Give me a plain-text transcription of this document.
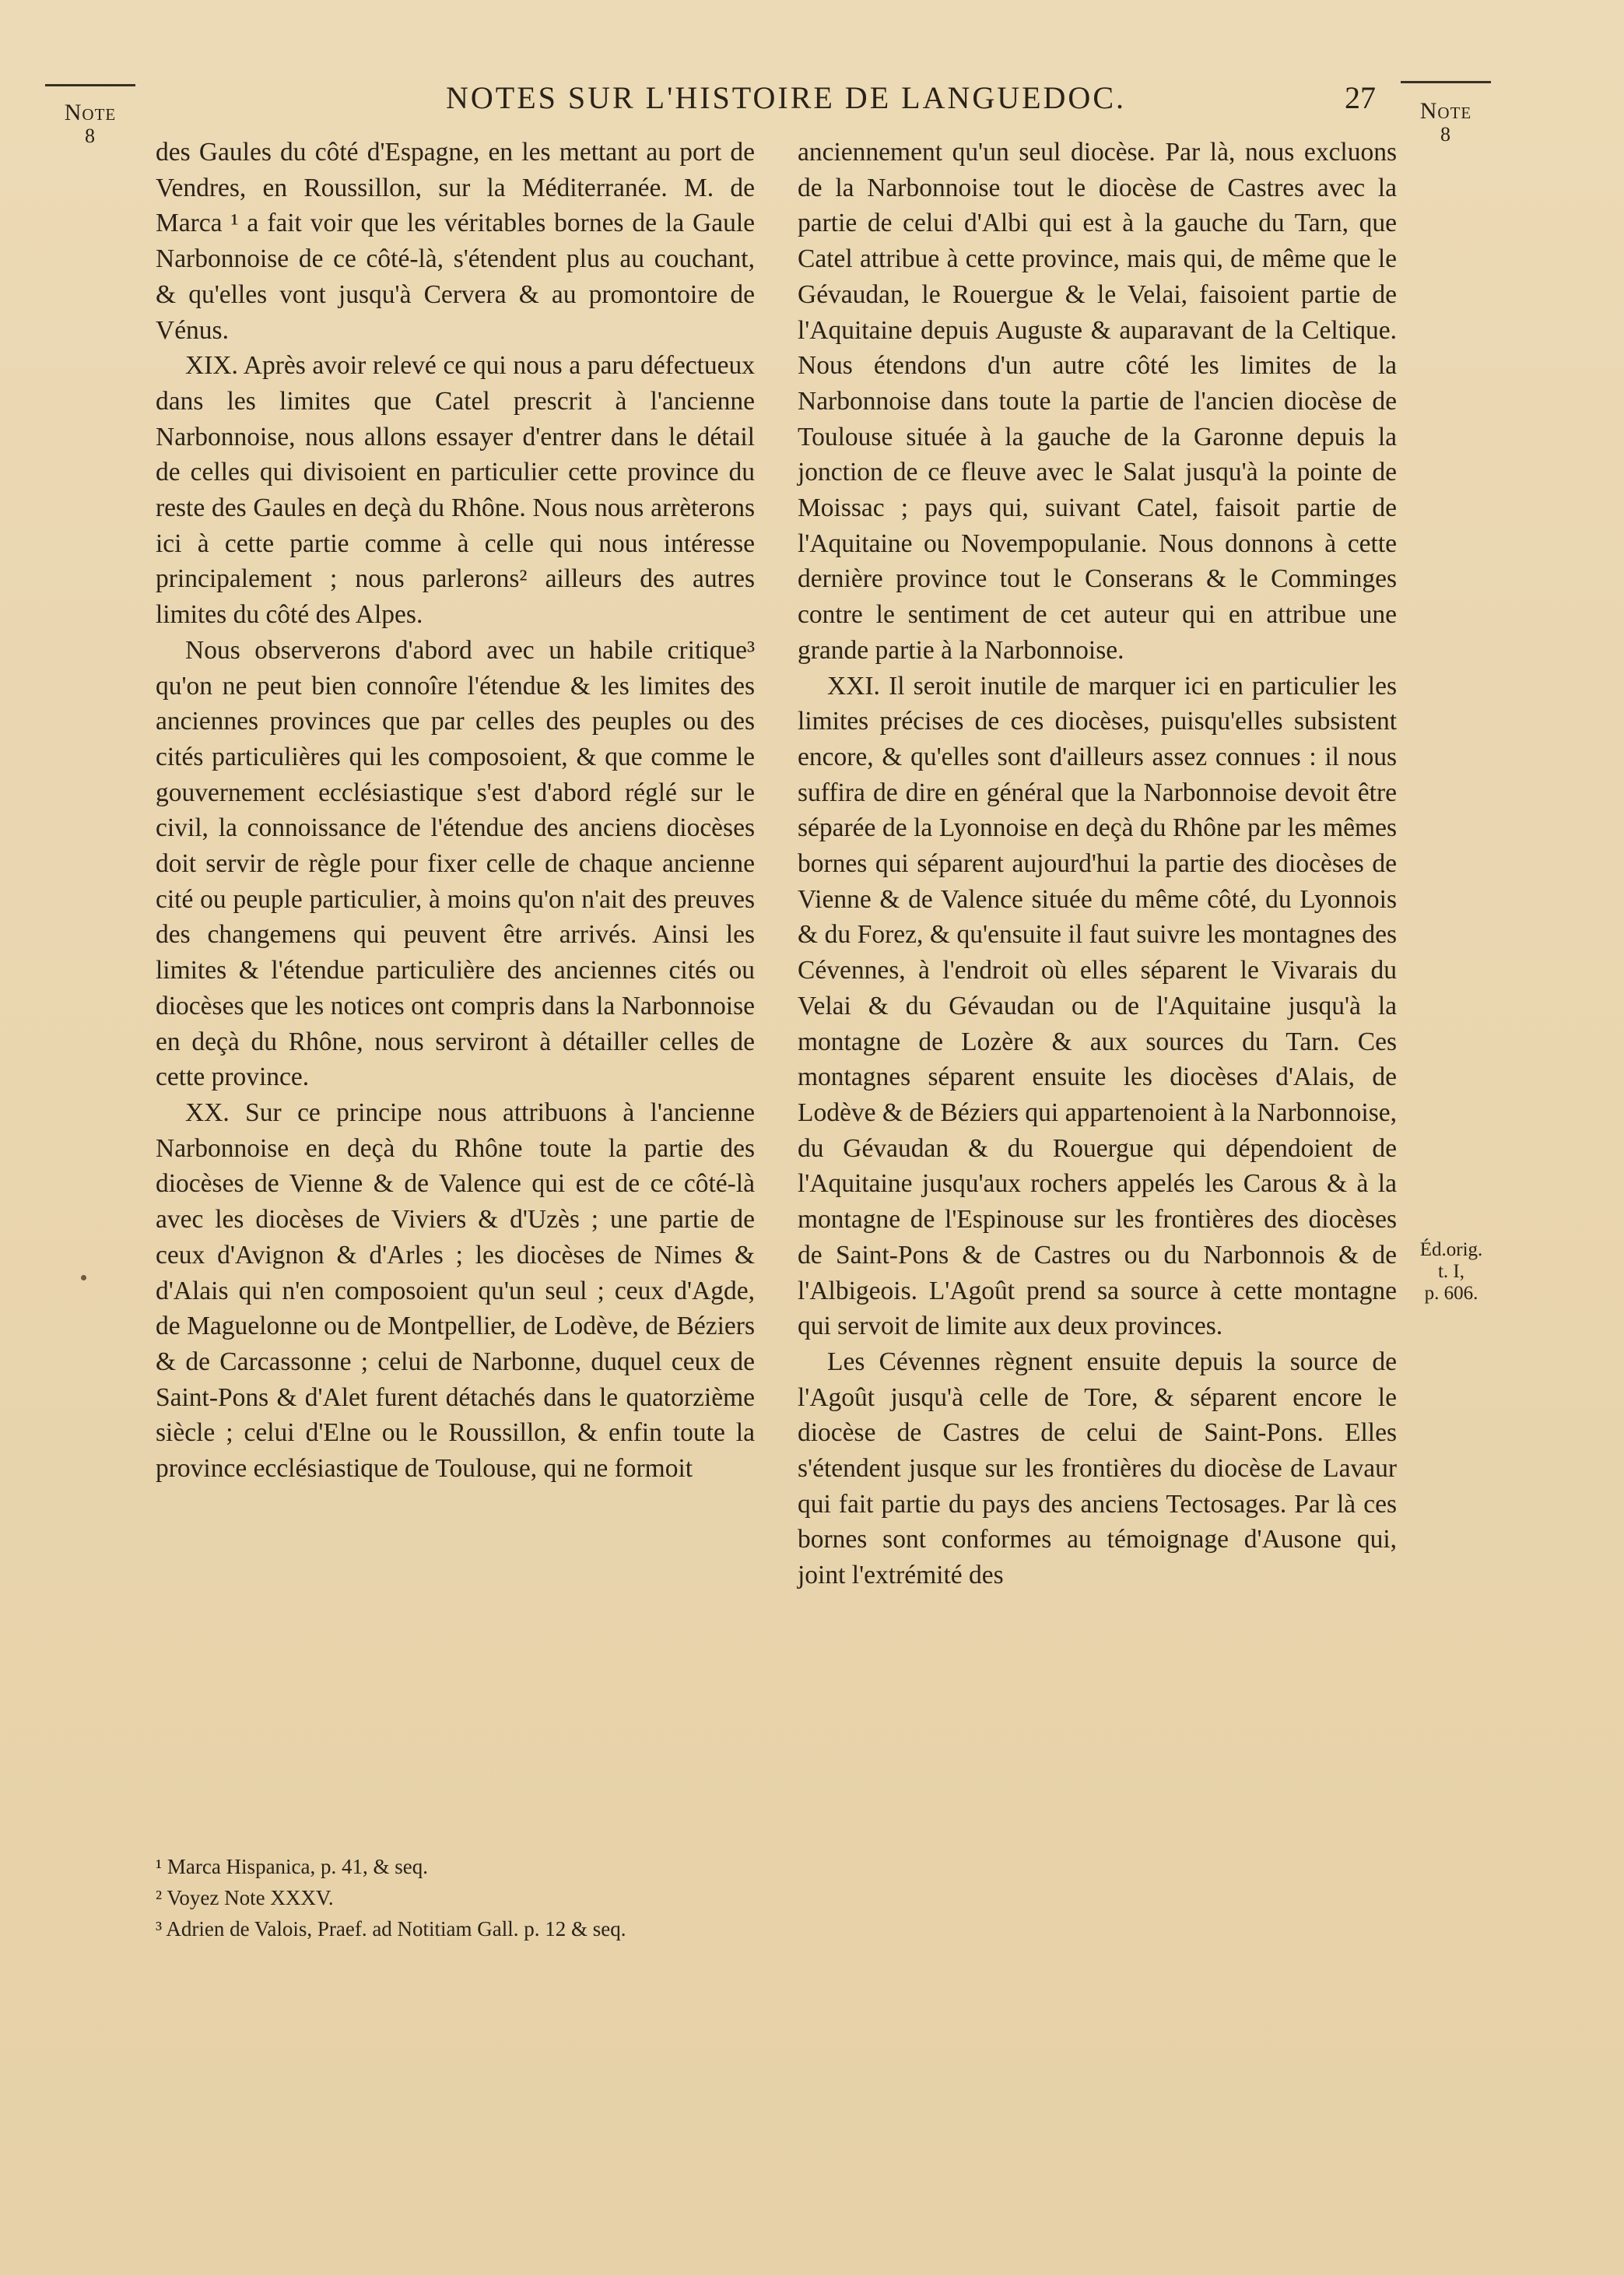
Note
8
NOTES SUR L'HISTOIRE DE LANGUEDOC.	27	Note
8

des Gaules du côté d'Espagne, en les mettant au port de Vendres, en Roussillon, sur la Méditerranée. M. de Marca ¹ a fait voir que les véritables bornes de la Gaule Narbonnoise de ce côté-là, s'étendent plus au couchant, & qu'elles vont jusqu'à Cervera & au promontoire de Vénus.

XIX. Après avoir relevé ce qui nous a paru défectueux dans les limites que Catel prescrit à l'ancienne Narbonnoise, nous allons essayer d'entrer dans le détail de celles qui divisoient en particulier cette province du reste des Gaules en deçà du Rhône. Nous nous arrèterons ici à cette partie comme à celle qui nous intéresse principalement ; nous parlerons² ailleurs des autres limites du côté des Alpes.

Nous observerons d'abord avec un habile critique³ qu'on ne peut bien connoîre l'étendue & les limites des anciennes provinces que par celles des peuples ou des cités particulières qui les composoient, & que comme le gouvernement ecclésiastique s'est d'abord réglé sur le civil, la connoissance de l'étendue des anciens diocèses doit servir de règle pour fixer celle de chaque ancienne cité ou peuple particulier, à moins qu'on n'ait des preuves des changemens qui peuvent être arrivés. Ainsi les limites & l'étendue particulière des anciennes cités ou diocèses que les notices ont compris dans la Narbonnoise en deçà du Rhône, nous serviront à détailler celles de cette province.

XX. Sur ce principe nous attribuons à l'ancienne Narbonnoise en deçà du Rhône toute la partie des diocèses de Vienne & de Valence qui est de ce côté-là avec les diocèses de Viviers & d'Uzès ; une partie de ceux d'Avignon & d'Arles ; les diocèses de Nimes & d'Alais qui n'en composoient qu'un seul ; ceux d'Agde, de Maguelonne ou de Montpellier, de Lodève, de Béziers & de Carcassonne ; celui de Narbonne, duquel ceux de Saint-Pons & d'Alet furent détachés dans le quatorzième siècle ; celui d'Elne ou le Roussillon, & enfin toute la province ecclésiastique de Toulouse, qui ne formoit

anciennement qu'un seul diocèse. Par là, nous excluons de la Narbonnoise tout le diocèse de Castres avec la partie de celui d'Albi qui est à la gauche du Tarn, que Catel attribue à cette province, mais qui, de même que le Gévaudan, le Rouergue & le Velai, faisoient partie de l'Aquitaine depuis Auguste & auparavant de la Celtique. Nous étendons d'un autre côté les limites de la Narbonnoise dans toute la partie de l'ancien diocèse de Toulouse située à la gauche de la Garonne depuis la jonction de ce fleuve avec le Salat jusqu'à la pointe de Moissac ; pays qui, suivant Catel, faisoit partie de l'Aquitaine ou Novempopulanie. Nous donnons à cette dernière province tout le Conserans & le Comminges contre le sentiment de cet auteur qui en attribue une grande partie à la Narbonnoise.

XXI. Il seroit inutile de marquer ici en particulier les limites précises de ces diocèses, puisqu'elles subsistent encore, & qu'elles sont d'ailleurs assez connues : il nous suffira de dire en général que la Narbonnoise devoit être séparée de la Lyonnoise en deçà du Rhône par les mêmes bornes qui séparent aujourd'hui la partie des diocèses de Vienne & de Valence située du même côté, du Lyonnois & du Forez, & qu'ensuite il faut suivre les montagnes des Cévennes, à l'endroit où elles séparent le Vivarais du Velai & du Gévaudan ou de l'Aquitaine jusqu'à la montagne de Lozère & aux sources du Tarn. Ces montagnes séparent ensuite les diocèses d'Alais, de Lodève & de Béziers qui appartenoient à la Narbonnoise, du Gévaudan & du Rouergue qui dépendoient de l'Aquitaine jusqu'aux rochers appelés les Carous & à la montagne de l'Espinouse sur les frontières des diocèses de Saint-Pons & de Castres ou du Narbonnois & de l'Albigeois. L'Agoût prend sa source à cette montagne qui servoit de limite aux deux provinces.

Les Cévennes règnent ensuite depuis la source de l'Agoût jusqu'à celle de Tore, & séparent encore le diocèse de Castres de celui de Saint-Pons. Elles s'étendent jusque sur les frontières du diocèse de Lavaur qui fait partie du pays des anciens Tectosages. Par là ces bornes sont conformes au témoignage d'Ausone qui, joint l'extrémité des

Éd.orig.
t. I,
p. 606.
¹ Marca Hispanica, p. 41, & seq.
² Voyez Note XXXV.
³ Adrien de Valois, Praef. ad Notitiam Gall. p. 12 & seq.
